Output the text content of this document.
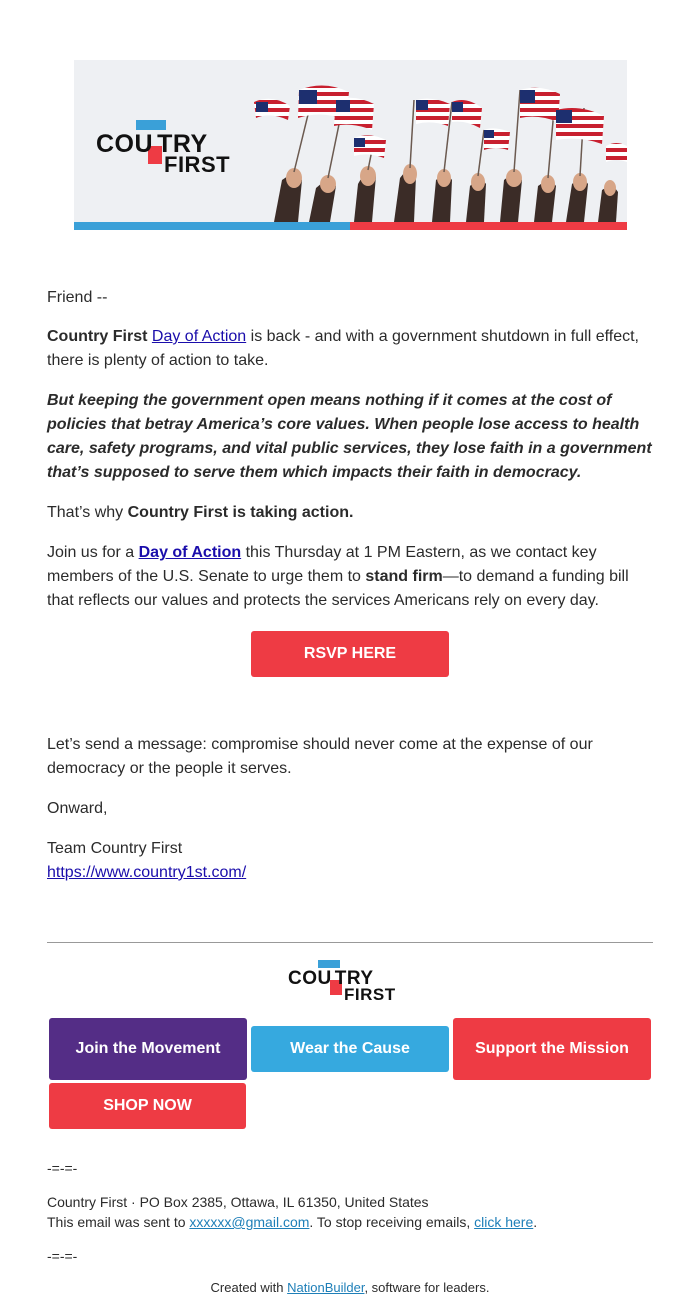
COU TRY
FIRST
Friend --
Country First Day of Action is back - and with a government shutdown in full effect, there is plenty of action to take.
But keeping the government open means nothing if it comes at the cost of policies that betray America’s core values. When people lose access to health care, safety programs, and vital public services, they lose faith in a government that’s supposed to serve them which impacts their faith in democracy.
That’s why Country First is taking action.
Join us for a Day of Action this Thursday at 1 PM Eastern, as we contact key members of the U.S. Senate to urge them to stand firm—to demand a funding bill that reflects our values and protects the services Americans rely on every day.
RSVP HERE
Let’s send a message: compromise should never come at the expense of our democracy or the people it serves.
Onward,
Team Country First
https://www.country1st.com/
COU TRY
FIRST
Join the Movement	Wear the Cause	Support the Mission
SHOP NOW
-=-=-
Country First · PO Box 2385, Ottawa, IL 61350, United States
This email was sent to xxxxxx@gmail.com. To stop receiving emails, click here.
-=-=-
Created with NationBuilder, software for leaders.
